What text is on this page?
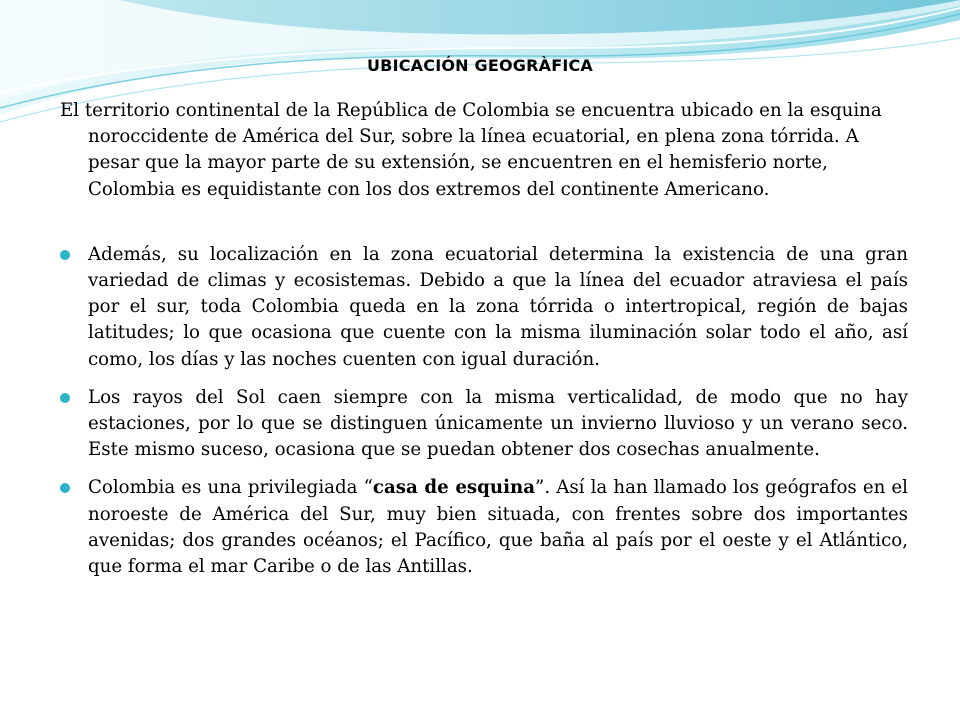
UBICACIÓN GEOGRÀFICA

El territorio continental de la República de Colombia se encuentra ubicado en la esquina noroccidente de América del Sur, sobre la línea ecuatorial, en plena zona tórrida. A pesar que la mayor parte de su extensión, se encuentren en el hemisferio norte, Colombia es equidistante con los dos extremos del continente Americano.

Además, su localización en la zona ecuatorial determina la existencia de una gran variedad de climas y ecosistemas. Debido a que la línea del ecuador atraviesa el país por el sur, toda Colombia queda en la zona tórrida o intertropical, región de bajas latitudes; lo que ocasiona que cuente con la misma iluminación solar todo el año, así como, los días y las noches cuenten con igual duración.

Los rayos del Sol caen siempre con la misma verticalidad, de modo que no hay estaciones, por lo que se distinguen únicamente un invierno lluvioso y un verano seco. Este mismo suceso, ocasiona que se puedan obtener dos cosechas anualmente.

Colombia es una privilegiada “casa de esquina”. Así la han llamado los geógrafos en el noroeste de América del Sur, muy bien situada, con frentes sobre dos importantes avenidas; dos grandes océanos; el Pacífico, que baña al país por el oeste y el Atlántico, que forma el mar Caribe o de las Antillas.
